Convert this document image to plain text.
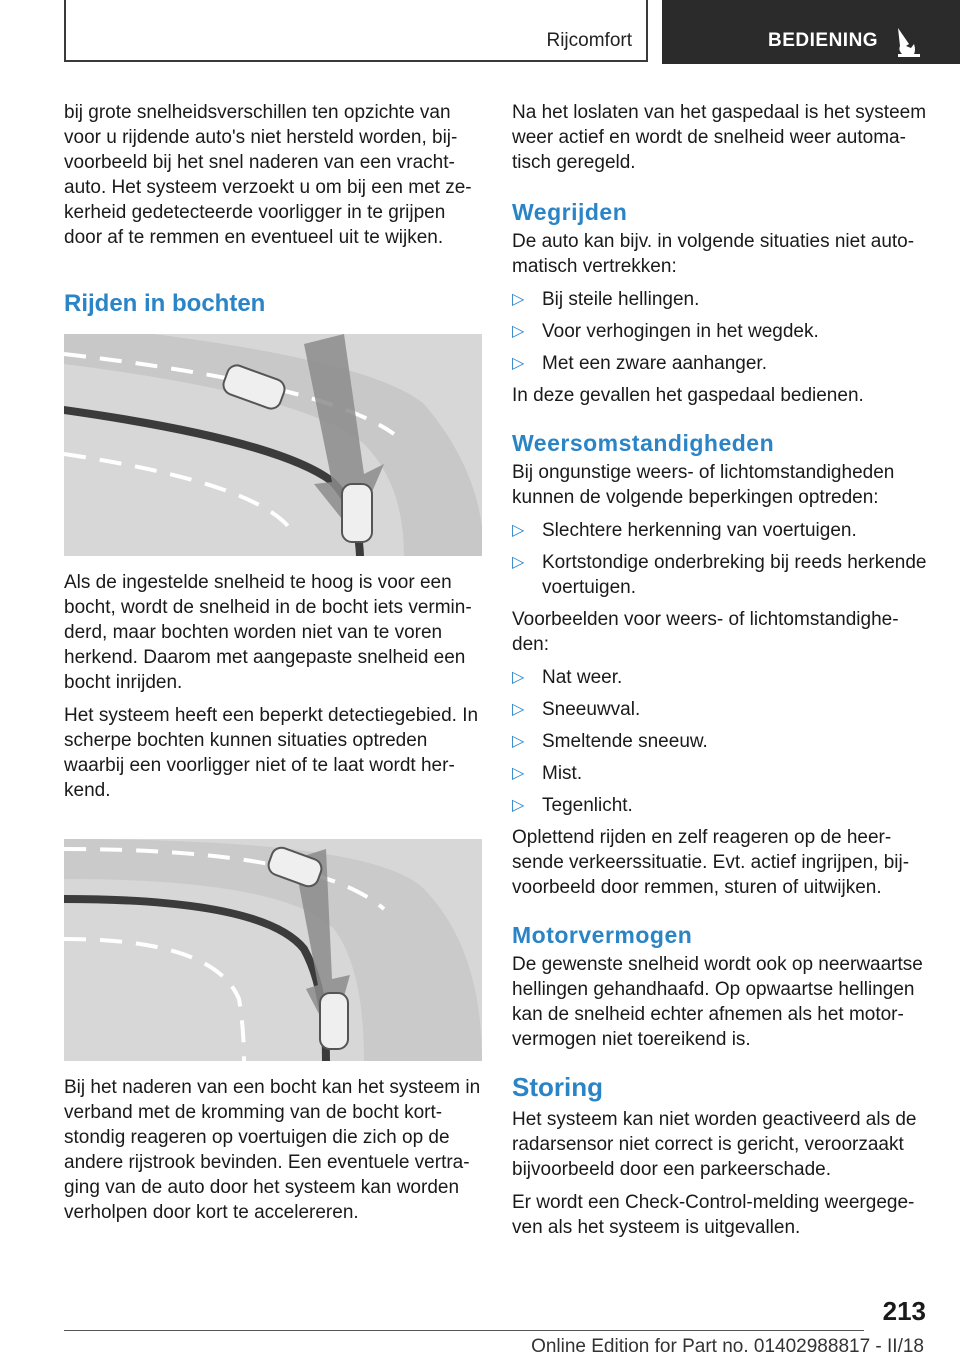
Rijcomfort	BEDIENING

bij grote snelheidsverschillen ten opzichte van voor u rijdende auto's niet hersteld worden, bijvoorbeeld bij het snel naderen van een vrachtauto. Het systeem verzoekt u om bij een met zekerheid gedetecteerde voorligger in te grijpen door af te remmen en eventueel uit te wijken.

Rijden in bochten

Als de ingestelde snelheid te hoog is voor een bocht, wordt de snelheid in de bocht iets verminderd, maar bochten worden niet van te voren herkend. Daarom met aangepaste snelheid een bocht inrijden.

Het systeem heeft een beperkt detectiegebied. In scherpe bochten kunnen situaties optreden waarbij een voorligger niet of te laat wordt herkend.

Bij het naderen van een bocht kan het systeem in verband met de kromming van de bocht kortstondig reageren op voertuigen die zich op de andere rijstrook bevinden. Een eventuele vertraging van de auto door het systeem kan worden verholpen door kort te accelereren.

Na het loslaten van het gaspedaal is het systeem weer actief en wordt de snelheid weer automatisch geregeld.

Wegrijden

De auto kan bijv. in volgende situaties niet automatisch vertrekken:

▷ Bij steile hellingen.
▷ Voor verhogingen in het wegdek.
▷ Met een zware aanhanger.

In deze gevallen het gaspedaal bedienen.

Weersomstandigheden

Bij ongunstige weers- of lichtomstandigheden kunnen de volgende beperkingen optreden:

▷ Slechtere herkenning van voertuigen.
▷ Kortstondige onderbreking bij reeds herkende voertuigen.

Voorbeelden voor weers- of lichtomstandigheden:

▷ Nat weer.
▷ Sneeuwval.
▷ Smeltende sneeuw.
▷ Mist.
▷ Tegenlicht.

Oplettend rijden en zelf reageren op de heersende verkeerssituatie. Evt. actief ingrijpen, bijvoorbeeld door remmen, sturen of uitwijken.

Motorvermogen

De gewenste snelheid wordt ook op neerwaartse hellingen gehandhaafd. Op opwaartse hellingen kan de snelheid echter afnemen als het motorvermogen niet toereikend is.

Storing

Het systeem kan niet worden geactiveerd als de radarsensor niet correct is gericht, veroorzaakt bijvoorbeeld door een parkeerschade.

Er wordt een Check-Control-melding weergegeven als het systeem is uitgevallen.

213
Online Edition for Part no. 01402988817 - II/18
